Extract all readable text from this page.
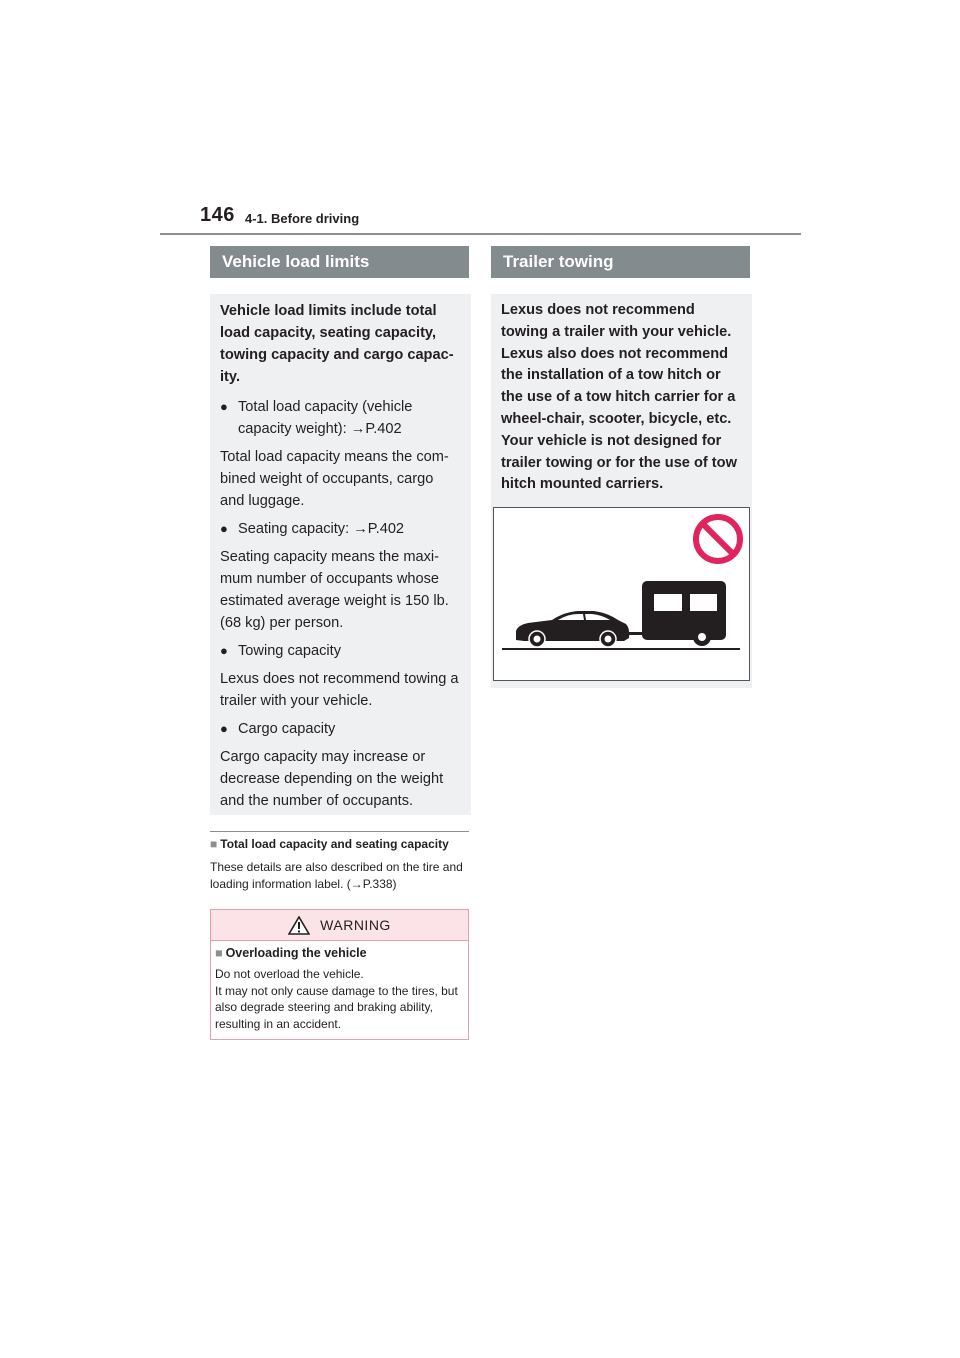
146 4-1. Before driving
Vehicle load limits

Vehicle load limits include total load capacity, seating capacity, towing capacity and cargo capac-ity.

● Total load capacity (vehicle capacity weight): →P.402

Total load capacity means the com-bined weight of occupants, cargo and luggage.

● Seating capacity: →P.402

Seating capacity means the maxi-mum number of occupants whose estimated average weight is 150 lb. (68 kg) per person.

● Towing capacity

Lexus does not recommend towing a trailer with your vehicle.

● Cargo capacity

Cargo capacity may increase or decrease depending on the weight and the number of occupants.

■ Total load capacity and seating capacity
These details are also described on the tire and loading information label. (→P.338)
WARNING
■ Overloading the vehicle
Do not overload the vehicle.
It may not only cause damage to the tires, but also degrade steering and braking ability, resulting in an accident.
Trailer towing

Lexus does not recommend towing a trailer with your vehicle. Lexus also does not recommend the installation of a tow hitch or the use of a tow hitch carrier for a wheel-chair, scooter, bicycle, etc. Your vehicle is not designed for trailer towing or for the use of tow hitch mounted carriers.
